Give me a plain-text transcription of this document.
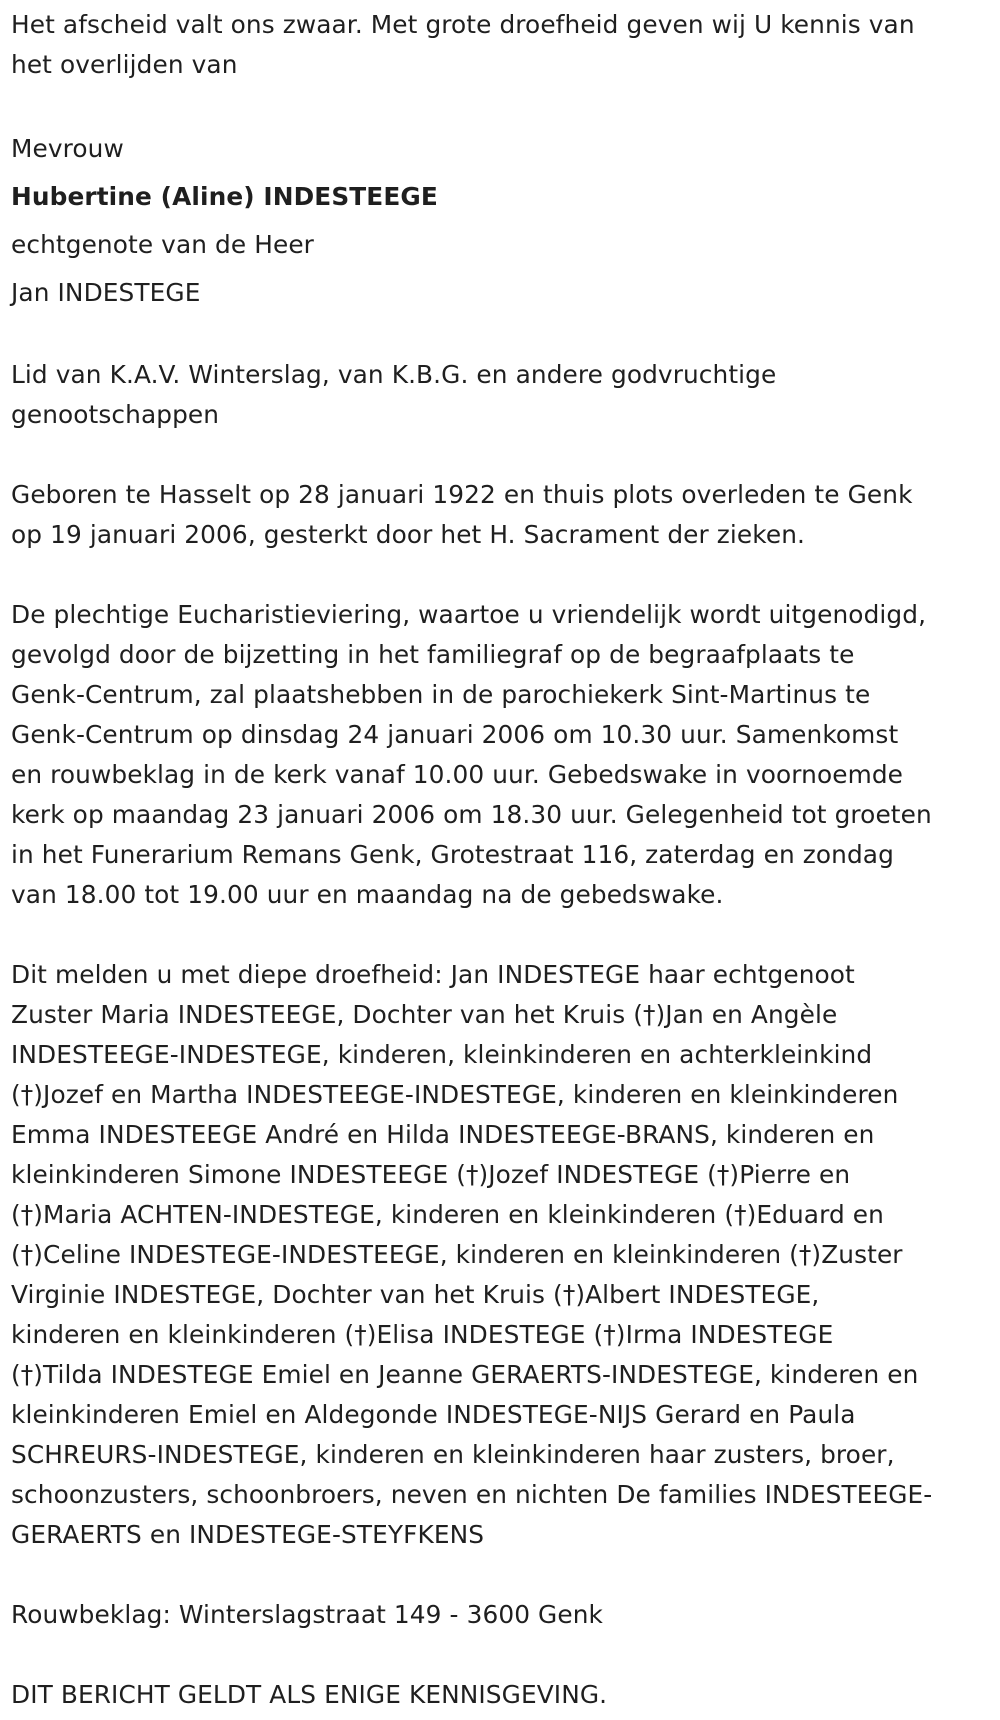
Het afscheid valt ons zwaar. Met grote droefheid geven wij U kennis van
het overlijden van
Mevrouw
Hubertine (Aline) INDESTEEGE
echtgenote van de Heer
Jan INDESTEGE
Lid van K.A.V. Winterslag, van K.B.G. en andere godvruchtige
genootschappen
Geboren te Hasselt op 28 januari 1922 en thuis plots overleden te Genk
op 19 januari 2006, gesterkt door het H. Sacrament der zieken.
De plechtige Eucharistieviering, waartoe u vriendelijk wordt uitgenodigd,
gevolgd door de bijzetting in het familiegraf op de begraafplaats te
Genk-Centrum, zal plaatshebben in de parochiekerk Sint-Martinus te
Genk-Centrum op dinsdag 24 januari 2006 om 10.30 uur. Samenkomst
en rouwbeklag in de kerk vanaf 10.00 uur. Gebedswake in voornoemde
kerk op maandag 23 januari 2006 om 18.30 uur. Gelegenheid tot groeten
in het Funerarium Remans Genk, Grotestraat 116, zaterdag en zondag
van 18.00 tot 19.00 uur en maandag na de gebedswake.
Dit melden u met diepe droefheid: Jan INDESTEGE haar echtgenoot
Zuster Maria INDESTEEGE, Dochter van het Kruis (†)Jan en Angèle
INDESTEEGE-INDESTEGE, kinderen, kleinkinderen en achterkleinkind
(†)Jozef en Martha INDESTEEGE-INDESTEGE, kinderen en kleinkinderen
Emma INDESTEEGE André en Hilda INDESTEEGE-BRANS, kinderen en
kleinkinderen Simone INDESTEEGE (†)Jozef INDESTEGE (†)Pierre en
(†)Maria ACHTEN-INDESTEGE, kinderen en kleinkinderen (†)Eduard en
(†)Celine INDESTEGE-INDESTEEGE, kinderen en kleinkinderen (†)Zuster
Virginie INDESTEGE, Dochter van het Kruis (†)Albert INDESTEGE,
kinderen en kleinkinderen (†)Elisa INDESTEGE (†)Irma INDESTEGE
(†)Tilda INDESTEGE Emiel en Jeanne GERAERTS-INDESTEGE, kinderen en
kleinkinderen Emiel en Aldegonde INDESTEGE-NIJS Gerard en Paula
SCHREURS-INDESTEGE, kinderen en kleinkinderen haar zusters, broer,
schoonzusters, schoonbroers, neven en nichten De families INDESTEEGE-
GERAERTS en INDESTEGE-STEYFKENS
Rouwbeklag: Winterslagstraat 149 - 3600 Genk
DIT BERICHT GELDT ALS ENIGE KENNISGEVING.
